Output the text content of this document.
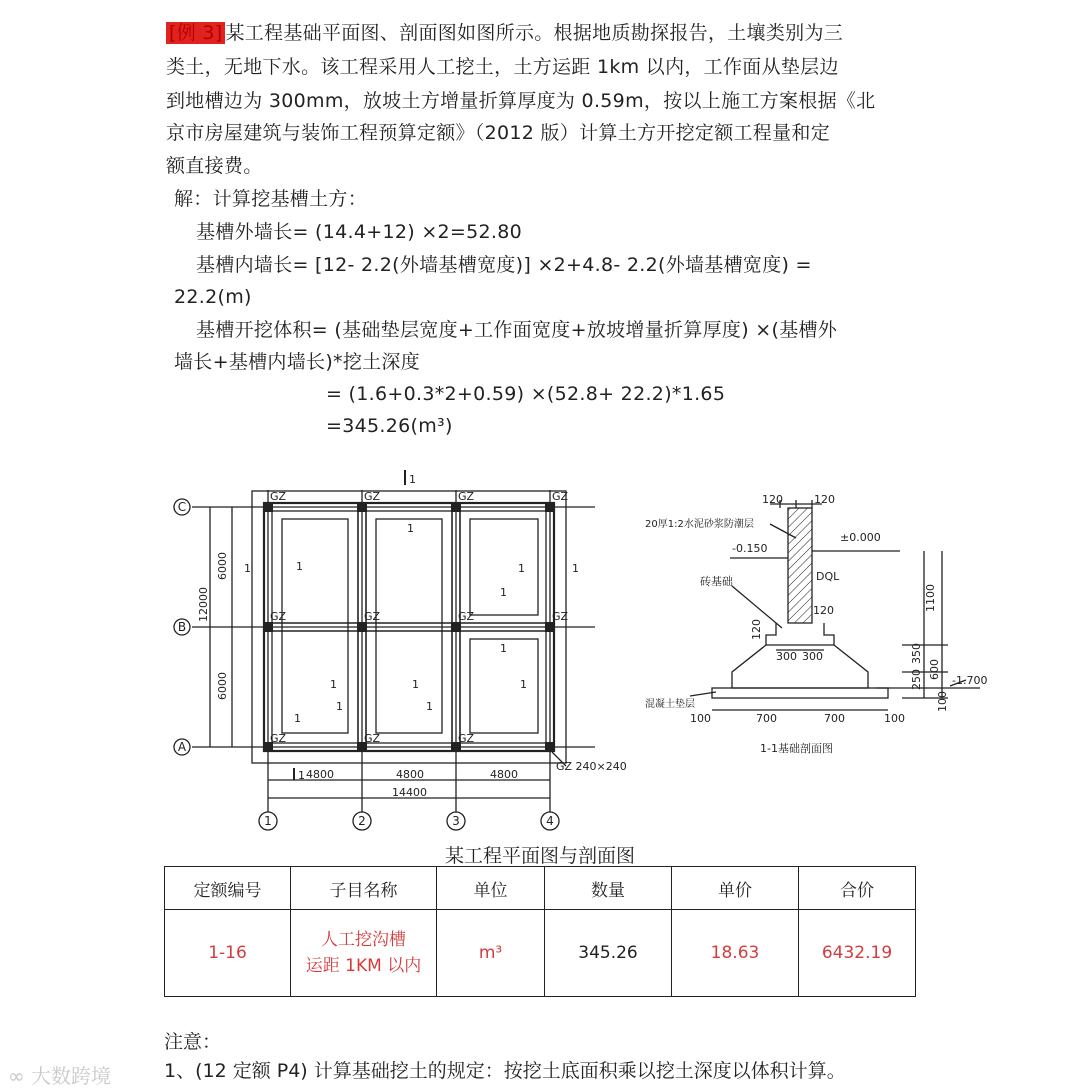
[例 3] 某工程基础平面图、剖面图如图所示。根据地质勘探报告，土壤类别为三
类土，无地下水。该工程采用人工挖土，土方运距 1km 以内，工作面从垫层边
到地槽边为 300mm，放坡土方增量折算厚度为 0.59m，按以上施工方案根据《北
京市房屋建筑与装饰工程预算定额》（2012 版）计算土方开挖定额工程量和定
额直接费。
解：计算挖基槽土方：
基槽外墙长= (14.4+12) ×2=52.80
基槽内墙长= [12- 2.2(外墙基槽宽度)] ×2+4.8- 2.2(外墙基槽宽度) =
22.2(m)
基槽开挖体积= (基础垫层宽度+工作面宽度+放坡增量折算厚度) ×(基槽外
墙长+基槽内墙长)*挖土深度
= (1.6+0.3*2+0.59) ×(52.8+ 22.2)*1.65
=345.26(m³)
C
B
A
1	2	3	4
GZ	GZ	GZ	GZ
GZ	GZ	GZ	GZ
GZ	GZ	GZ
GZ 240×240
1
1
1	1	1	1
1
1
1	1	1
1	1
1
1
6000
6000
12000
4800	4800	4800
14400
120	120
20厚1:2水泥砂浆防潮层
±0.000
-0.150
DQL
砖基础
1100
120
120
300 300	350
250 600
-1.700
混凝土垫层	100
100	700	700	100
1-1基础剖面图
某工程平面图与剖面图
定额编号	子目名称	单位	数量	单价	合价
1-16	人工挖沟槽
运距 1KM 以内	m³	345.26	18.63	6432.19
注意：
1、(12 定额 P4) 计算基础挖土的规定：按挖土底面积乘以挖土深度以体积计算。
∞ 大数跨境
